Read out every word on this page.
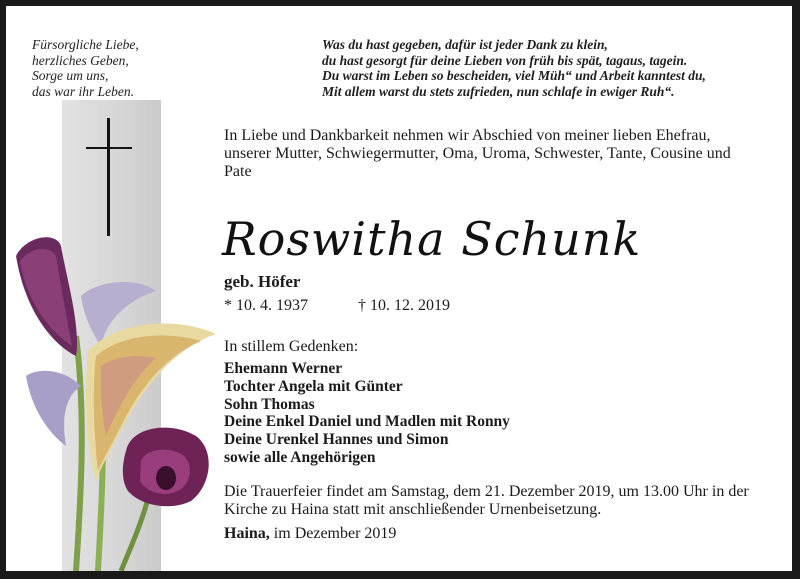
Fürsorgliche Liebe,
herzliches Geben,
Sorge um uns,
das war ihr Leben.
Was du hast gegeben, dafür ist jeder Dank zu klein,
du hast gesorgt für deine Lieben von früh bis spät, tagaus, tagein.
Du warst im Leben so bescheiden, viel Müh“ und Arbeit kanntest du,
Mit allem warst du stets zufrieden, nun schlafe in ewiger Ruh“.
In Liebe und Dankbarkeit nehmen wir Abschied von meiner lieben Ehefrau, unserer Mutter, Schwiegermutter, Oma, Uroma, Schwester, Tante, Cousine und Pate
Roswitha Schunk
geb. Höfer
* 10. 4. 1937	† 10. 12. 2019
In stillem Gedenken:
Ehemann Werner
Tochter Angela mit Günter
Sohn Thomas
Deine Enkel Daniel und Madlen mit Ronny
Deine Urenkel Hannes und Simon
sowie alle Angehörigen
Die Trauerfeier findet am Samstag, dem 21. Dezember 2019, um 13.00 Uhr in der Kirche zu Haina statt mit anschließender Urnenbeisetzung.
Haina, im Dezember 2019
